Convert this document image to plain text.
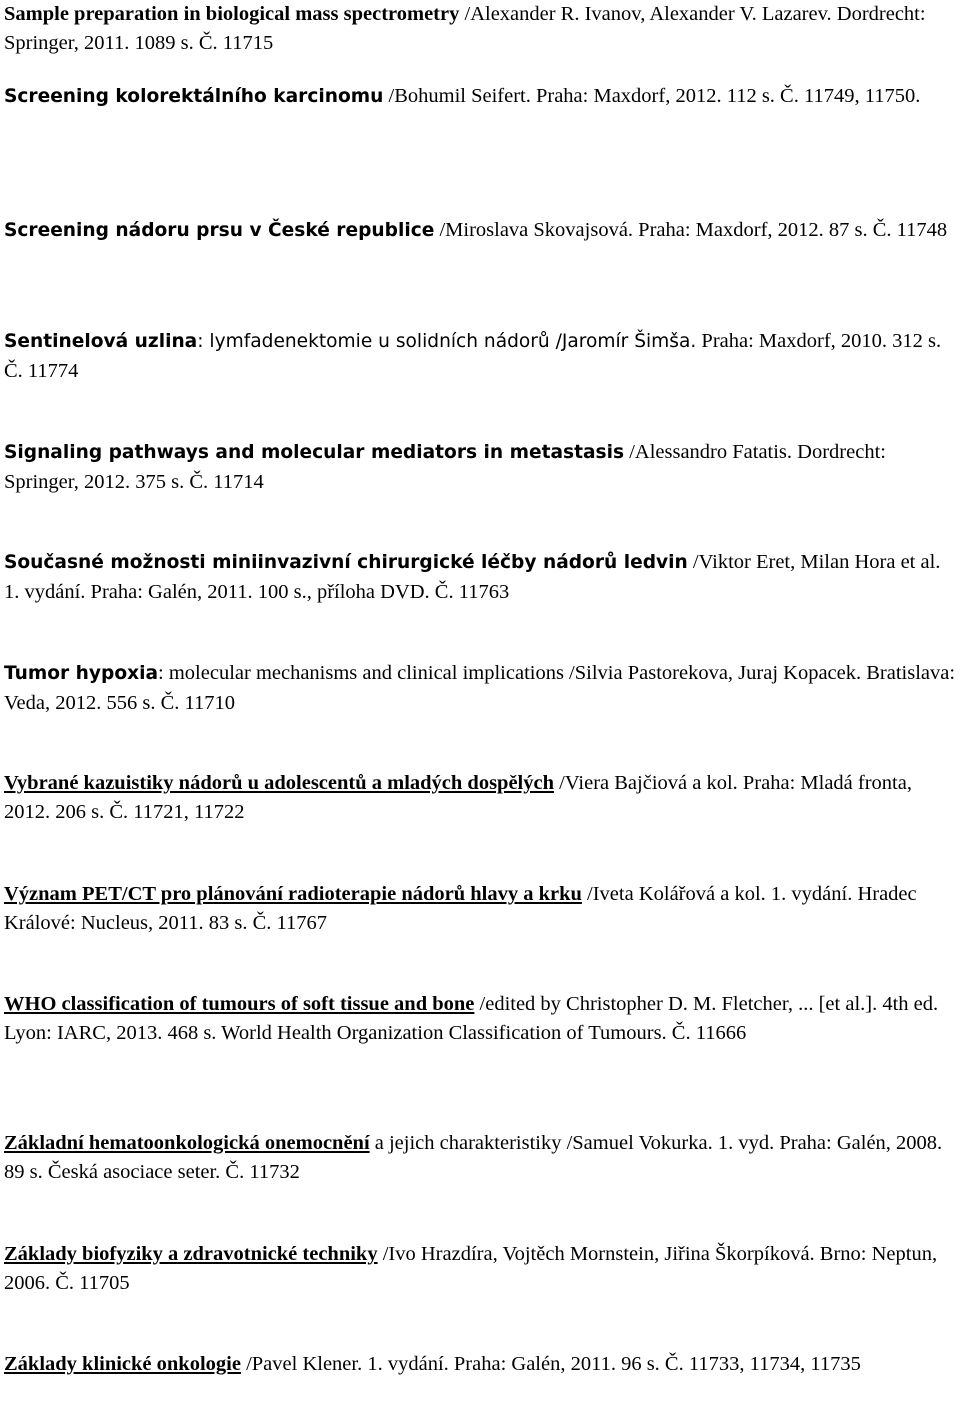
Sample preparation in biological mass spectrometry /Alexander R. Ivanov, Alexander V. Lazarev. Dordrecht: Springer, 2011. 1089 s. Č. 11715

Screening kolorektálního karcinomu /Bohumil Seifert. Praha: Maxdorf, 2012. 112 s. Č. 11749, 11750.

Screening nádoru prsu v České republice /Miroslava Skovajsová. Praha: Maxdorf, 2012. 87 s. Č. 11748

Sentinelová uzlina: lymfadenektomie u solidních nádorů /Jaromír Šimša. Praha: Maxdorf, 2010. 312 s. Č. 11774

Signaling pathways and molecular mediators in metastasis /Alessandro Fatatis. Dordrecht: Springer, 2012. 375 s. Č. 11714

Současné možnosti miniinvazivní chirurgické léčby nádorů ledvin /Viktor Eret, Milan Hora et al. 1. vydání. Praha: Galén, 2011. 100 s., příloha DVD. Č. 11763

Tumor hypoxia: molecular mechanisms and clinical implications /Silvia Pastorekova, Juraj Kopacek. Bratislava: Veda, 2012. 556 s. Č. 11710

Vybrané kazuistiky nádorů u adolescentů a mladých dospělých /Viera Bajčiová a kol. Praha: Mladá fronta, 2012. 206 s. Č. 11721, 11722

Význam PET/CT pro plánování radioterapie nádorů hlavy a krku /Iveta Kolářová a kol. 1. vydání. Hradec Králové: Nucleus, 2011. 83 s. Č. 11767

WHO classification of tumours of soft tissue and bone /edited by Christopher D. M. Fletcher, ... [et al.]. 4th ed. Lyon: IARC, 2013. 468 s. World Health Organization Classification of Tumours. Č. 11666

Základní hematoonkologická onemocnění a jejich charakteristiky /Samuel Vokurka. 1. vyd. Praha: Galén, 2008. 89 s. Česká asociace seter. Č. 11732

Základy biofyziky a zdravotnické techniky /Ivo Hrazdíra, Vojtěch Mornstein, Jiřina Škorpíková. Brno: Neptun, 2006. Č. 11705

Základy klinické onkologie /Pavel Klener. 1. vydání. Praha: Galén, 2011. 96 s. Č. 11733, 11734, 11735
